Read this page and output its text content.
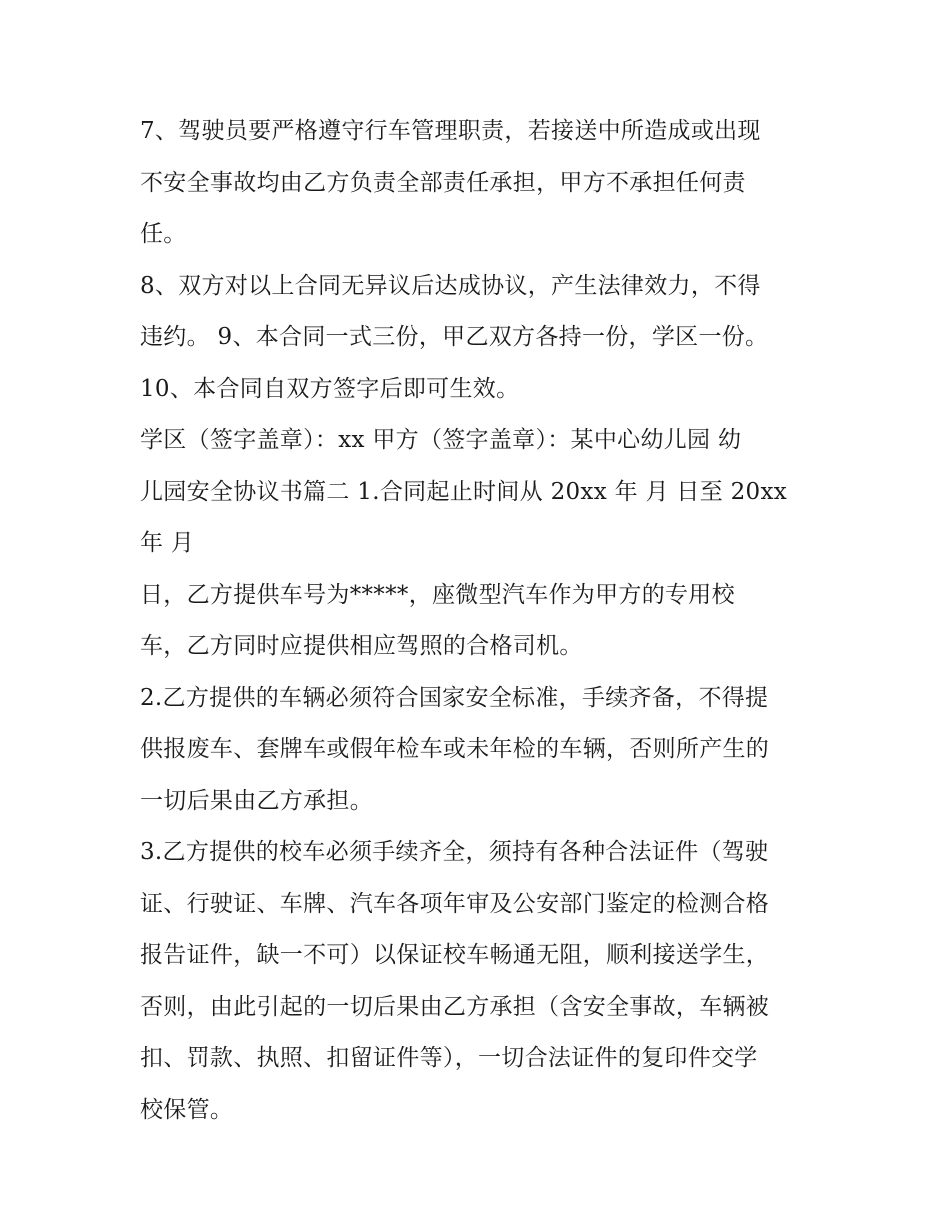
7、驾驶员要严格遵守行车管理职责，若接送中所造成或出现
不安全事故均由乙方负责全部责任承担，甲方不承担任何责
任。
8、双方对以上合同无异议后达成协议，产生法律效力，不得
违约。 9、本合同一式三份，甲乙双方各持一份，学区一份。
10、本合同自双方签字后即可生效。
学区（签字盖章）：xx 甲方（签字盖章）：某中心幼儿园 幼
儿园安全协议书篇二 1.合同起止时间从 20xx 年 月 日至 20xx
年 月
日，乙方提供车号为*****，座微型汽车作为甲方的专用校
车，乙方同时应提供相应驾照的合格司机。
2.乙方提供的车辆必须符合国家安全标准，手续齐备，不得提
供报废车、套牌车或假年检车或未年检的车辆，否则所产生的
一切后果由乙方承担。
3.乙方提供的校车必须手续齐全，须持有各种合法证件（驾驶
证、行驶证、车牌、汽车各项年审及公安部门鉴定的检测合格
报告证件，缺一不可）以保证校车畅通无阻，顺利接送学生，
否则，由此引起的一切后果由乙方承担（含安全事故，车辆被
扣、罚款、执照、扣留证件等），一切合法证件的复印件交学
校保管。
